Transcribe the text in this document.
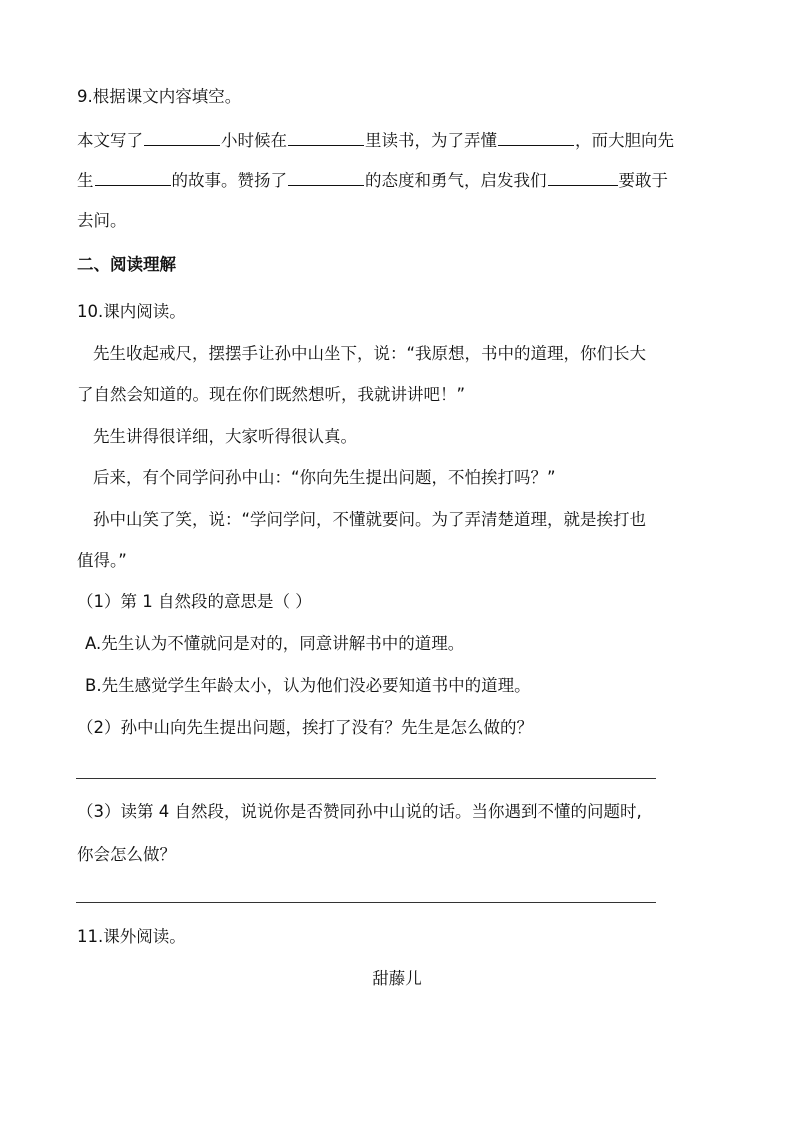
9.根据课文内容填空。
本文写了	小时候在	里读书，为了弄懂	，而大胆向先
生	的故事。赞扬了	的态度和勇气，启发我们	要敢于
去问。
二、阅读理解
10.课内阅读。
先生收起戒尺，摆摆手让孙中山坐下，说：“我原想，书中的道理，你们长大
了自然会知道的。现在你们既然想听，我就讲讲吧！”
先生讲得很详细，大家听得很认真。
后来，有个同学问孙中山：“你向先生提出问题，不怕挨打吗？”
孙中山笑了笑，说：“学问学问，不懂就要问。为了弄清楚道理，就是挨打也
值得。”
（1）第 1 自然段的意思是（ ）
A.先生认为不懂就问是对的，同意讲解书中的道理。
B.先生感觉学生年龄太小，认为他们没必要知道书中的道理。
（2）孙中山向先生提出问题，挨打了没有？先生是怎么做的？
（3）读第 4 自然段，说说你是否赞同孙中山说的话。当你遇到不懂的问题时,
你会怎么做？
11.课外阅读。
甜藤儿
